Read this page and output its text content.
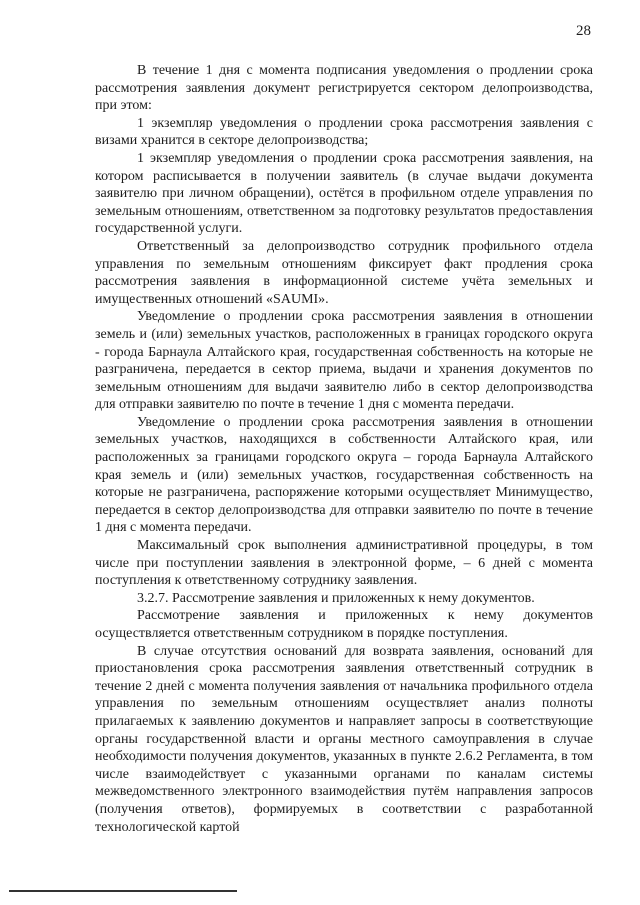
28

В течение 1 дня с момента подписания уведомления о продлении срока рассмотрения заявления документ регистрируется сектором делопроизводства, при этом:

1 экземпляр уведомления о продлении срока рассмотрения заявления с визами хранится в секторе делопроизводства;

1 экземпляр уведомления о продлении срока рассмотрения заявления, на котором расписывается в получении заявитель (в случае выдачи документа заявителю при личном обращении), остётся в профильном отделе управления по земельным отношениям, ответственном за подготовку результатов предоставления государственной услуги.

Ответственный за делопроизводство сотрудник профильного отдела управления по земельным отношениям фиксирует факт продления срока рассмотрения заявления в информационной системе учёта земельных и имущественных отношений «SAUMI».

Уведомление о продлении срока рассмотрения заявления в отношении земель и (или) земельных участков, расположенных в границах городского округа - города Барнаула Алтайского края, государственная собственность на которые не разграничена, передается в сектор приема, выдачи и хранения документов по земельным отношениям для выдачи заявителю либо в сектор делопроизводства для отправки заявителю по почте в течение 1 дня с момента передачи.

Уведомление о продлении срока рассмотрения заявления в отношении земельных участков, находящихся в собственности Алтайского края, или расположенных за границами городского округа – города Барнаула Алтайского края земель и (или) земельных участков, государственная собственность на которые не разграничена, распоряжение которыми осуществляет Минимущество, передается в сектор делопроизводства для отправки заявителю по почте в течение 1 дня с момента передачи.

Максимальный срок выполнения административной процедуры, в том числе при поступлении заявления в электронной форме, – 6 дней с момента поступления к ответственному сотруднику заявления.

3.2.7. Рассмотрение заявления и приложенных к нему документов.

Рассмотрение заявления и приложенных к нему документов осуществляется ответственным сотрудником в порядке поступления.

В случае отсутствия оснований для возврата заявления, оснований для приостановления срока рассмотрения заявления ответственный сотрудник в течение 2 дней с момента получения заявления от начальника профильного отдела управления по земельным отношениям осуществляет анализ полноты прилагаемых к заявлению документов и направляет запросы в соответствующие органы государственной власти и органы местного самоуправления в случае необходимости получения документов, указанных в пункте 2.6.2 Регламента, в том числе взаимодействует с указанными органами по каналам системы межведомственного электронного взаимодействия путём направления запросов (получения ответов), формируемых в соответствии с разработанной технологической картой
